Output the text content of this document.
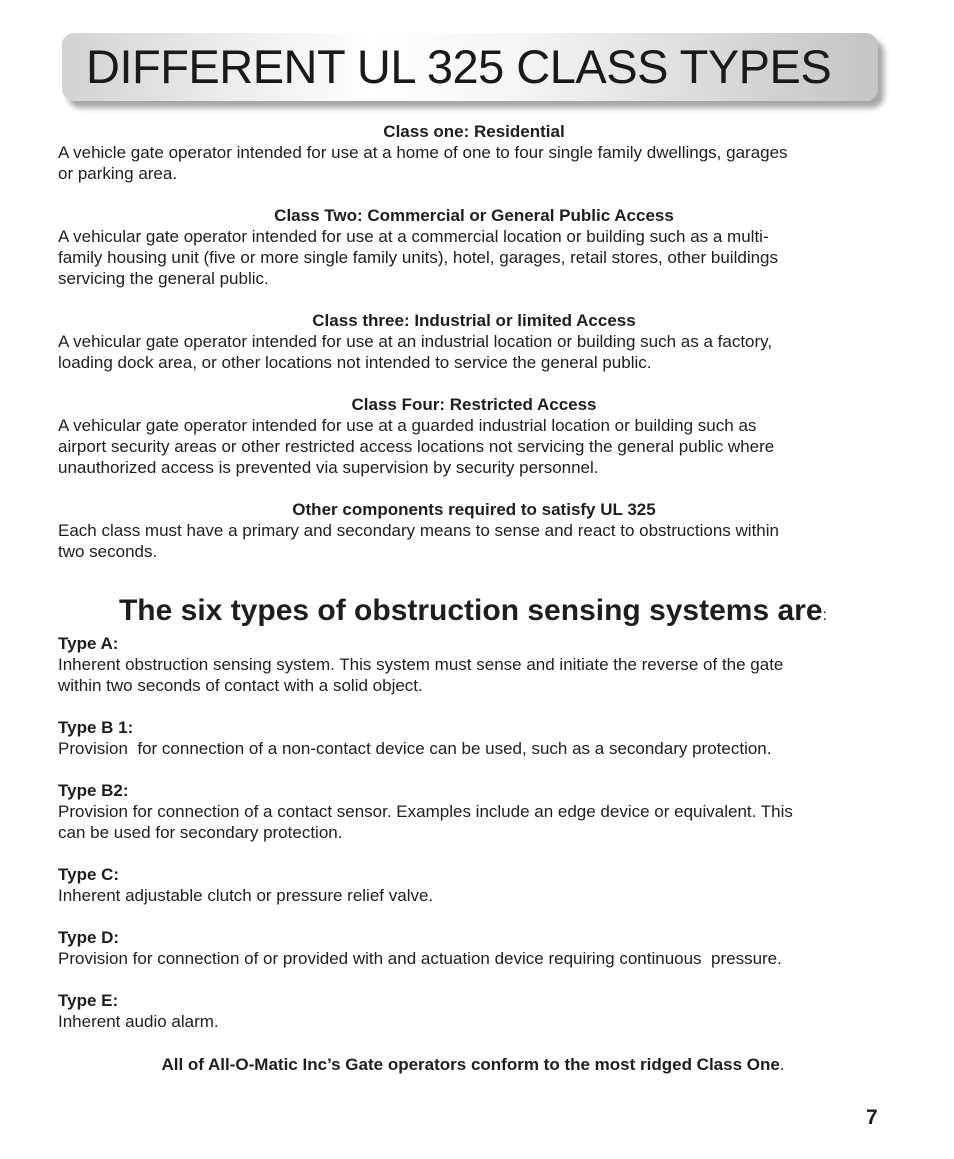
DIFFERENT UL 325 CLASS TYPES

Class one: Residential

A vehicle gate operator intended for use at a home of one to four single family dwellings, garages
or parking area.

Class Two: Commercial or General Public Access

A vehicular gate operator intended for use at a commercial location or building such as a multi-
family housing unit (five or more single family units), hotel, garages, retail stores, other buildings
servicing the general public.

Class three: Industrial or limited Access

A vehicular gate operator intended for use at an industrial location or building such as a factory,
loading dock area, or other locations not intended to service the general public.

Class Four: Restricted Access

A vehicular gate operator intended for use at a guarded industrial location or building such as
airport security areas or other restricted access locations not servicing the general public where
unauthorized access is prevented via supervision by security personnel.

Other components required to satisfy UL 325

Each class must have a primary and secondary means to sense and react to obstructions within
two seconds.

The six types of obstruction sensing systems are:

Type A:

Inherent obstruction sensing system. This system must sense and initiate the reverse of the gate
within two seconds of contact with a solid object.

Type B 1:

Provision  for connection of a non-contact device can be used, such as a secondary protection.

Type B2:

Provision for connection of a contact sensor. Examples include an edge device or equivalent. This
can be used for secondary protection.

Type C:

Inherent adjustable clutch or pressure relief valve.

Type D:

Provision for connection of or provided with and actuation device requiring continuous  pressure.

Type E:

Inherent audio alarm.

All of All-O-Matic Inc’s Gate operators conform to the most ridged Class One.

7
